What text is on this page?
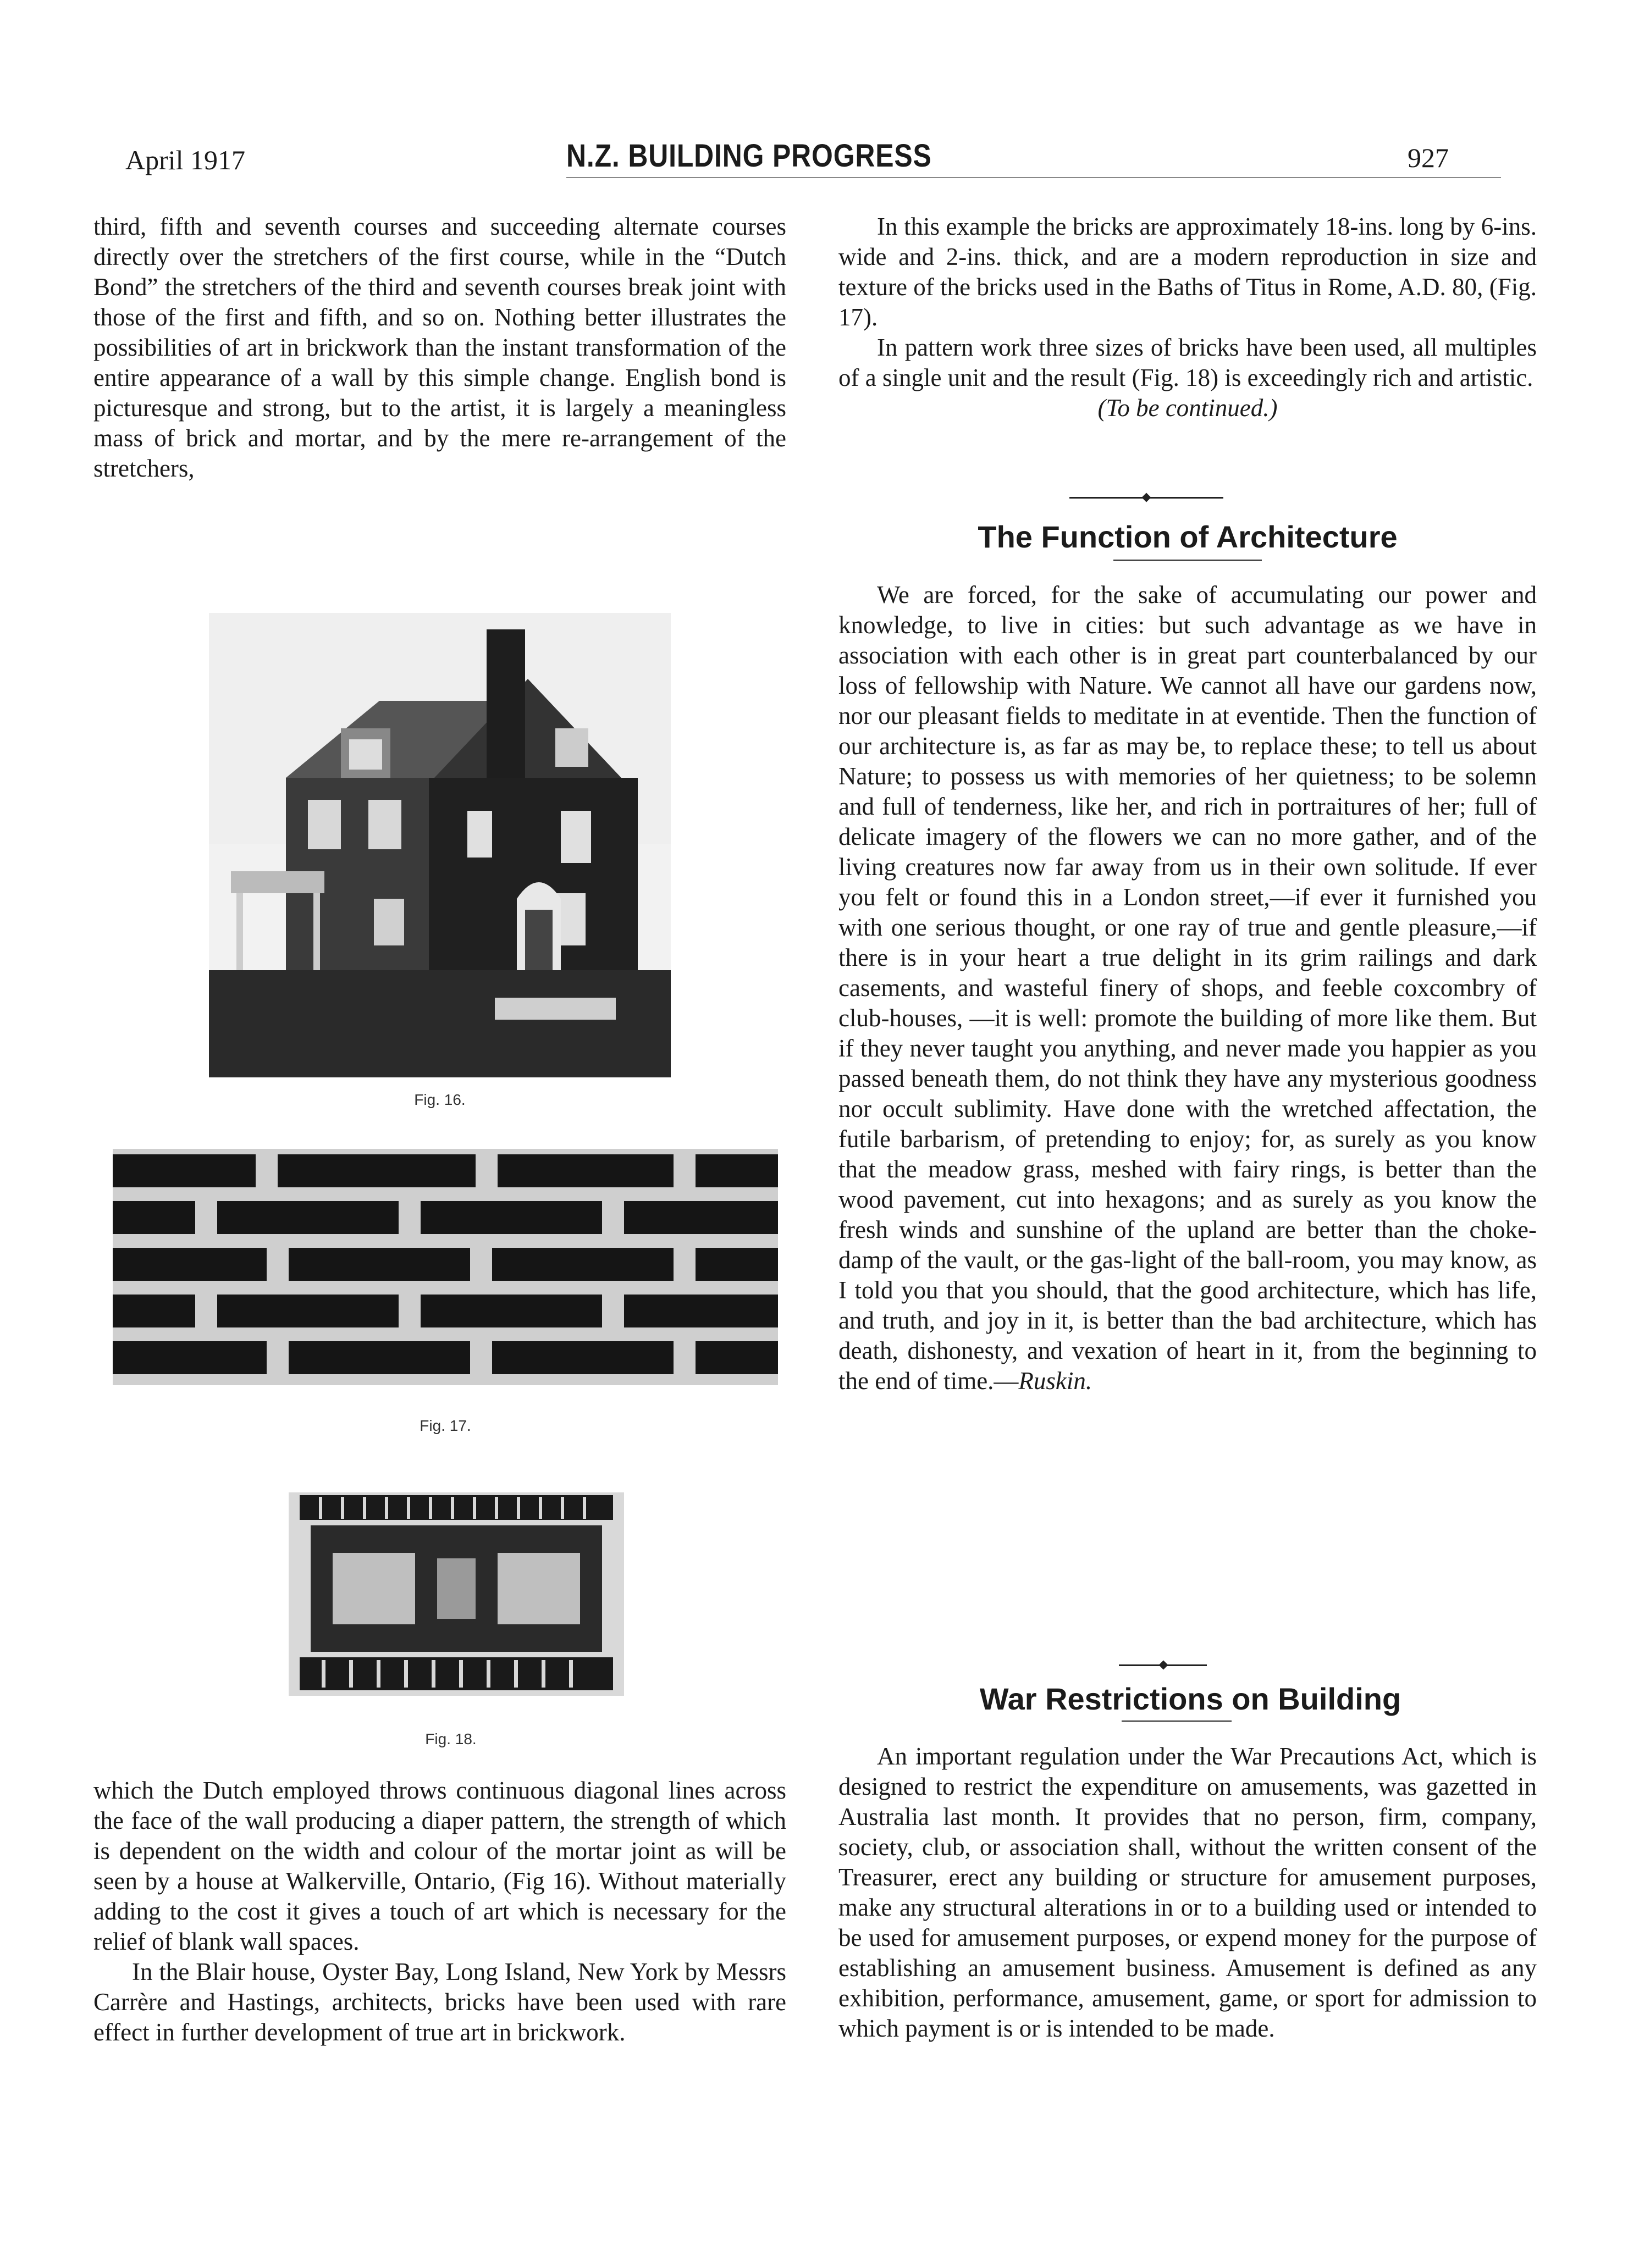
April 1917	N.Z. BUILDING PROGRESS	927

third, fifth and seventh courses and succeeding alternate courses directly over the stretchers of the first course, while in the “Dutch Bond” the stretchers of the third and seventh courses break joint with those of the first and fifth, and so on. Nothing better illustrates the possibilities of art in brickwork than the instant transformation of the entire appearance of a wall by this simple change. English bond is picturesque and strong, but to the artist, it is largely a meaningless mass of brick and mortar, and by the mere re-arrangement of the stretchers,

Fig. 16.
Fig. 17.
Fig. 18.

which the Dutch employed throws continuous diagonal lines across the face of the wall producing a diaper pattern, the strength of which is dependent on the width and colour of the mortar joint as will be seen by a house at Walkerville, Ontario, (Fig 16). Without materially adding to the cost it gives a touch of art which is necessary for the relief of blank wall spaces.

In the Blair house, Oyster Bay, Long Island, New York by Messrs Carrère and Hastings, architects, bricks have been used with rare effect in further development of true art in brickwork.

In this example the bricks are approximately 18-ins. long by 6-ins. wide and 2-ins. thick, and are a modern reproduction in size and texture of the bricks used in the Baths of Titus in Rome, A.D. 80, (Fig. 17).

In pattern work three sizes of bricks have been used, all multiples of a single unit and the result (Fig. 18) is exceedingly rich and artistic.

(To be continued.)

The Function of Architecture

We are forced, for the sake of accumulating our power and knowledge, to live in cities: but such advantage as we have in association with each other is in great part counterbalanced by our loss of fellowship with Nature. We cannot all have our gardens now, nor our pleasant fields to meditate in at eventide. Then the function of our architecture is, as far as may be, to replace these; to tell us about Nature; to possess us with memories of her quietness; to be solemn and full of tenderness, like her, and rich in portraitures of her; full of delicate imagery of the flowers we can no more gather, and of the living creatures now far away from us in their own solitude. If ever you felt or found this in a London street,—if ever it furnished you with one serious thought, or one ray of true and gentle pleasure,—if there is in your heart a true delight in its grim railings and dark casements, and wasteful finery of shops, and feeble coxcombry of club-houses, —it is well: promote the building of more like them. But if they never taught you anything, and never made you happier as you passed beneath them, do not think they have any mysterious goodness nor occult sublimity. Have done with the wretched affectation, the futile barbarism, of pretending to enjoy; for, as surely as you know that the meadow grass, meshed with fairy rings, is better than the wood pavement, cut into hexagons; and as surely as you know the fresh winds and sunshine of the upland are better than the choke-damp of the vault, or the gas-light of the ball-room, you may know, as I told you that you should, that the good architecture, which has life, and truth, and joy in it, is better than the bad architecture, which has death, dishonesty, and vexation of heart in it, from the beginning to the end of time.—Ruskin.

War Restrictions on Building

An important regulation under the War Precautions Act, which is designed to restrict the expenditure on amusements, was gazetted in Australia last month. It provides that no person, firm, company, society, club, or association shall, without the written consent of the Treasurer, erect any building or structure for amusement purposes, make any structural alterations in or to a building used or intended to be used for amusement purposes, or expend money for the purpose of establishing an amusement business. Amusement is defined as any exhibition, performance, amusement, game, or sport for admission to which payment is or is intended to be made.
